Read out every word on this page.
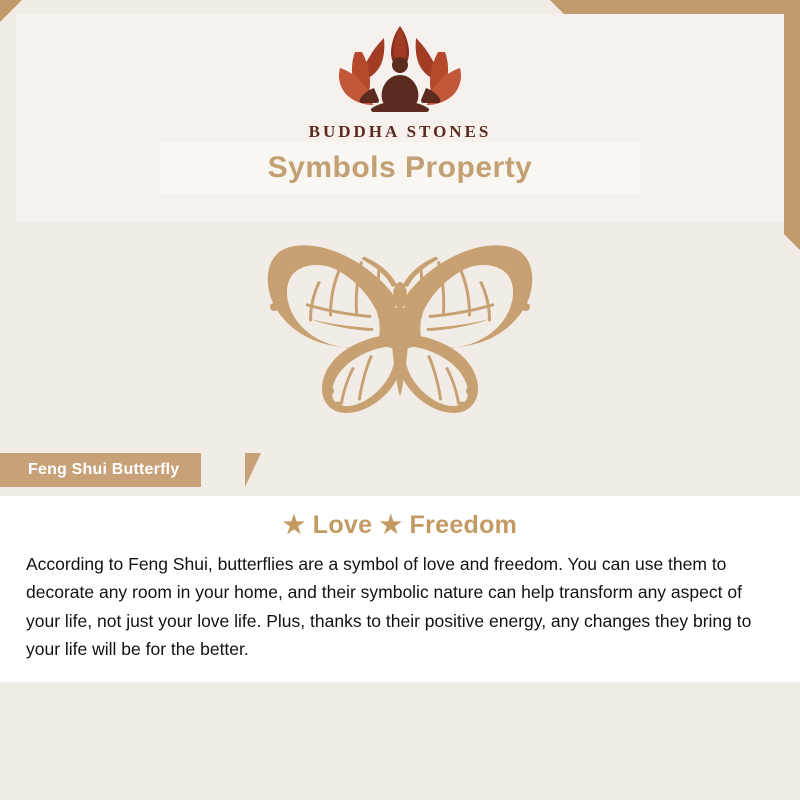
BUDDHA STONES
Symbols Property
Feng Shui Butterfly
★ Love ★ Freedom

According to Feng Shui, butterflies are a symbol of love and freedom. You can use them to decorate any room in your home, and their symbolic nature can help transform any aspect of your life, not just your love life. Plus, thanks to their positive energy, any changes they bring to your life will be for the better.
